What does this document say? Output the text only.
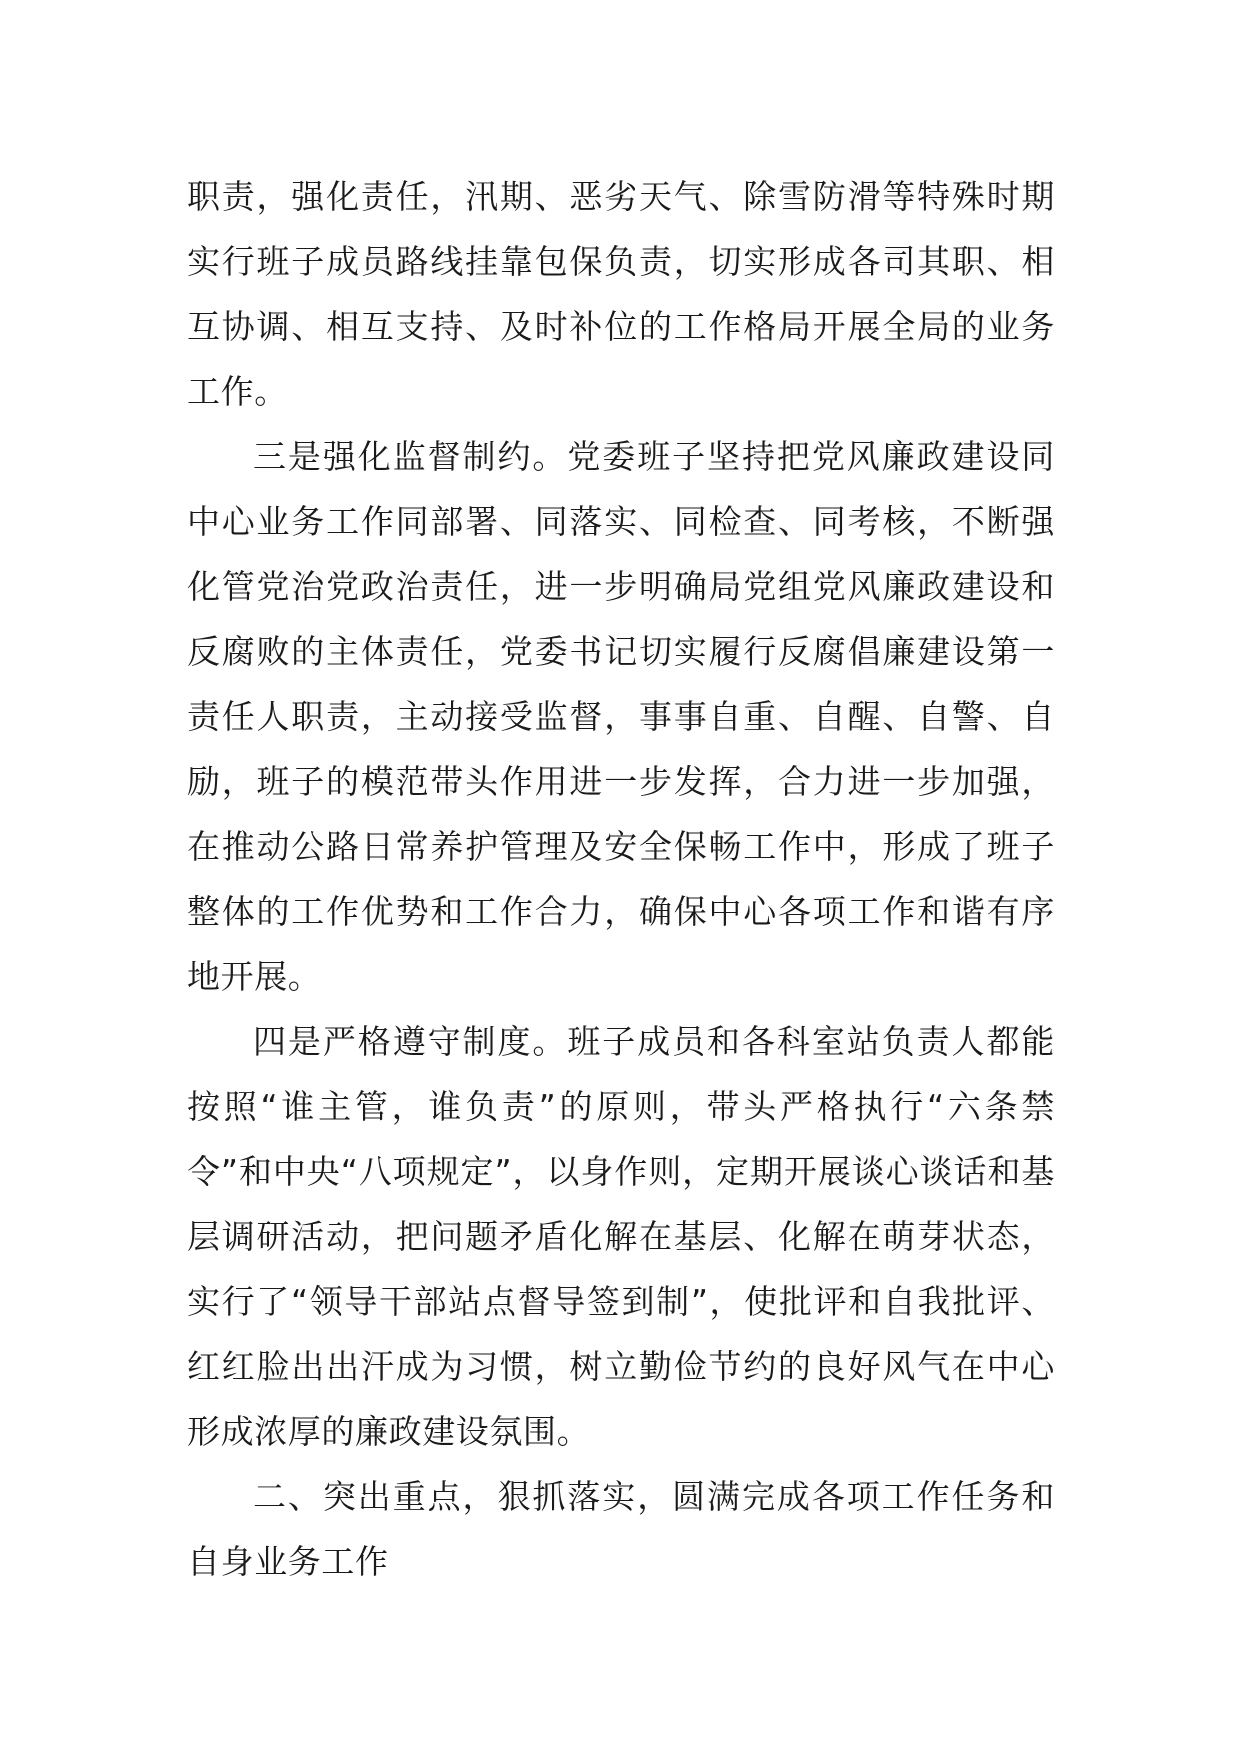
职责，强化责任，汛期、恶劣天气、除雪防滑等特殊时期实行班子成员路线挂靠包保负责，切实形成各司其职、相互协调、相互支持、及时补位的工作格局开展全局的业务工作。

三是强化监督制约。党委班子坚持把党风廉政建设同中心业务工作同部署、同落实、同检查、同考核，不断强化管党治党政治责任，进一步明确局党组党风廉政建设和反腐败的主体责任，党委书记切实履行反腐倡廉建设第一责任人职责，主动接受监督，事事自重、自醒、自警、自励，班子的模范带头作用进一步发挥，合力进一步加强，在推动公路日常养护管理及安全保畅工作中，形成了班子整体的工作优势和工作合力，确保中心各项工作和谐有序地开展。

四是严格遵守制度。班子成员和各科室站负责人都能按照“谁主管，谁负责”的原则，带头严格执行“六条禁令”和中央“八项规定”，以身作则，定期开展谈心谈话和基层调研活动，把问题矛盾化解在基层、化解在萌芽状态，实行了“领导干部站点督导签到制”，使批评和自我批评、红红脸出出汗成为习惯，树立勤俭节约的良好风气在中心形成浓厚的廉政建设氛围。

二、突出重点，狠抓落实，圆满完成各项工作任务和自身业务工作
